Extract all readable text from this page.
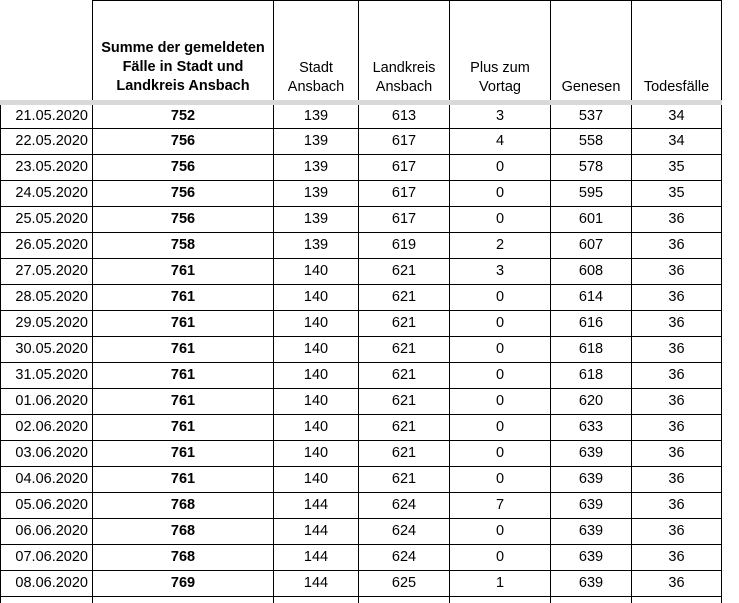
	Summe der gemeldeten Fälle in Stadt und Landkreis Ansbach	Stadt Ansbach	Landkreis Ansbach	Plus zum Vortag	Genesen	Todesfälle
21.05.2020	752	139	613	3	537	34
22.05.2020	756	139	617	4	558	34
23.05.2020	756	139	617	0	578	35
24.05.2020	756	139	617	0	595	35
25.05.2020	756	139	617	0	601	36
26.05.2020	758	139	619	2	607	36
27.05.2020	761	140	621	3	608	36
28.05.2020	761	140	621	0	614	36
29.05.2020	761	140	621	0	616	36
30.05.2020	761	140	621	0	618	36
31.05.2020	761	140	621	0	618	36
01.06.2020	761	140	621	0	620	36
02.06.2020	761	140	621	0	633	36
03.06.2020	761	140	621	0	639	36
04.06.2020	761	140	621	0	639	36
05.06.2020	768	144	624	7	639	36
06.06.2020	768	144	624	0	639	36
07.06.2020	768	144	624	0	639	36
08.06.2020	769	144	625	1	639	36
